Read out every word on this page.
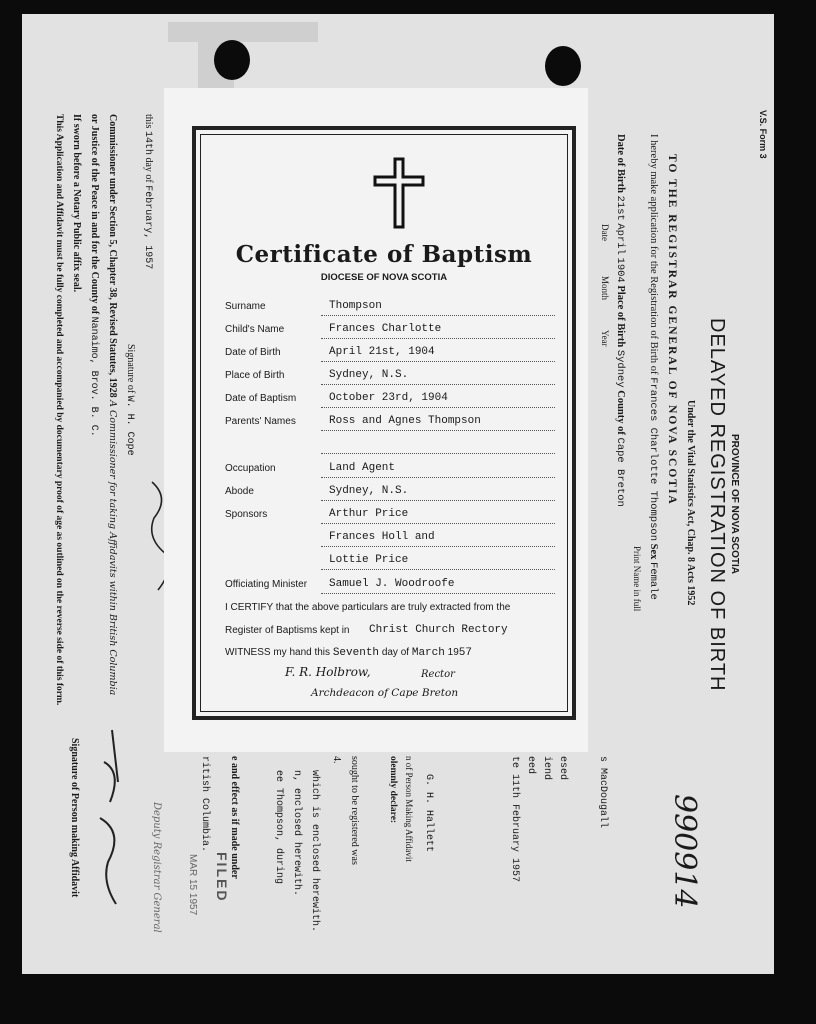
V.S. Form 3
PROVINCE OF NOVA SCOTIA
DELAYED REGISTRATION OF BIRTH
Under the Vital Statistics Act, Chap. 8 Acts 1952
TO THE REGISTRAR GENERAL OF NOVA SCOTIA
I hereby make application for the Registration of Birth of Frances Charlotte Thompson Sex Female
Print Name in full
Date of Birth 21st April 1904 Place of Birth Sydney County of Cape Breton
Date
Month
Year
s MacDougall
esed
iend
eed
te 11th February 1957
G. H. Hallett
n of Person Making Affidavit
olemnly declare:
sought to be registered was
4.
which is enclosed herewith.
n, enclosed herewith.
ee Thompson, during
e and effect as if made under
ritish Columbia.
This Application and Affidavit must be fully completed and accompanied by documentary proof of age as outlined on the reverse side of this form. If sworn before a Notary Public affix seal. or Justice of the Peace in and for the County of Nanaimo, Brov. B. C. Commissioner under Section 5, Chapter 38, Revised Statutes, 1928 A Commissioner for taking Affidavits within British Columbia
Signature of W. H. Cope
this 14th day of February, 1957
Signature of Person making Affidavit	FILED
Deputy Registrar General	MAR 15 1957	990914
Certificate of Baptism
DIOCESE OF NOVA SCOTIA
Surname	Thompson
Child's Name	Frances Charlotte
Date of Birth	April 21st, 1904
Place of Birth	Sydney, N.S.
Date of Baptism	October 23rd, 1904
Parents' Names	Ross and Agnes Thompson
Occupation	Land Agent
Abode	Sydney, N.S.
Sponsors	Arthur Price
Frances Holl and
Lottie Price
Officiating Minister Samuel J. Woodroofe
I CERTIFY that the above particulars are truly extracted from the
Register of Baptisms kept in Christ Church Rectory
WITNESS my hand this Seventh day of March 1957
F. R. Holbrow,	Rector
Archdeacon of Cape Breton
